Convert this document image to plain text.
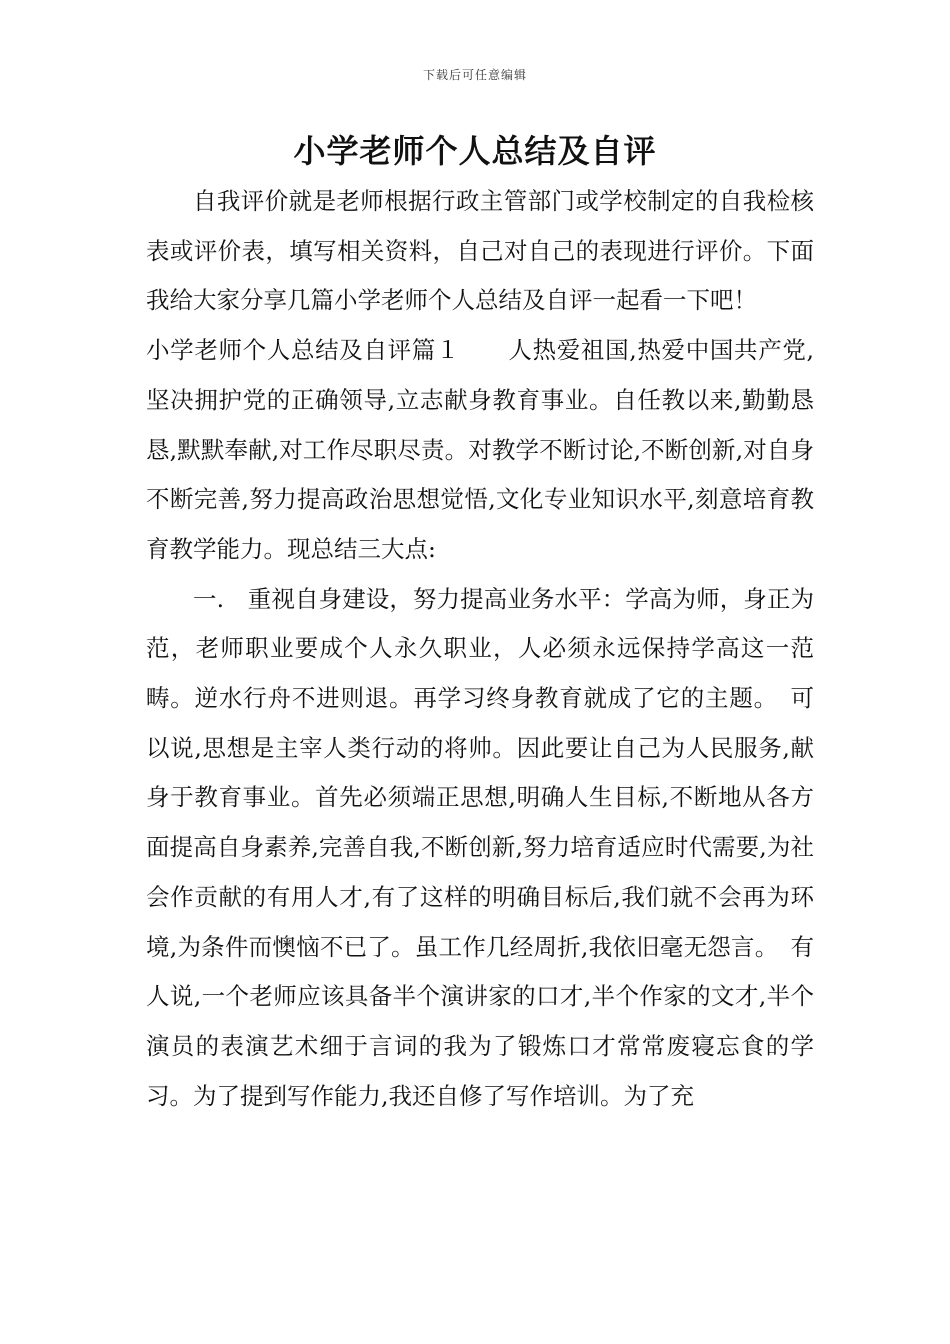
下载后可任意编辑
小学老师个人总结及自评

自我评价就是老师根据行政主管部门或学校制定的自我检核表或评价表，填写相关资料，自己对自己的表现进行评价。下面我给大家分享几篇小学老师个人总结及自评一起看一下吧！

小学老师个人总结及自评篇１　　人热爱祖国,热爱中国共产党,坚决拥护党的正确领导,立志献身教育事业。自任教以来,勤勤恳恳,默默奉献,对工作尽职尽责。对教学不断讨论,不断创新,对自身不断完善,努力提高政治思想觉悟,文化专业知识水平,刻意培育教育教学能力。现总结三大点:

一.　重视自身建设，努力提高业务水平：学高为师，身正为范，老师职业要成个人永久职业，人必须永远保持学高这一范畴。逆水行舟不进则退。再学习终身教育就成了它的主题。　可以说,思想是主宰人类行动的将帅。因此要让自己为人民服务,献身于教育事业。首先必须端正思想,明确人生目标,不断地从各方面提高自身素养,完善自我,不断创新,努力培育适应时代需要,为社会作贡献的有用人才,有了这样的明确目标后,我们就不会再为环境,为条件而懊恼不已了。虽工作几经周折,我依旧毫无怨言。　有人说,一个老师应该具备半个演讲家的口才,半个作家的文才,半个演员的表演艺术细于言词的我为了锻炼口才常常废寝忘食的学习。为了提到写作能力,我还自修了写作培训。为了充
